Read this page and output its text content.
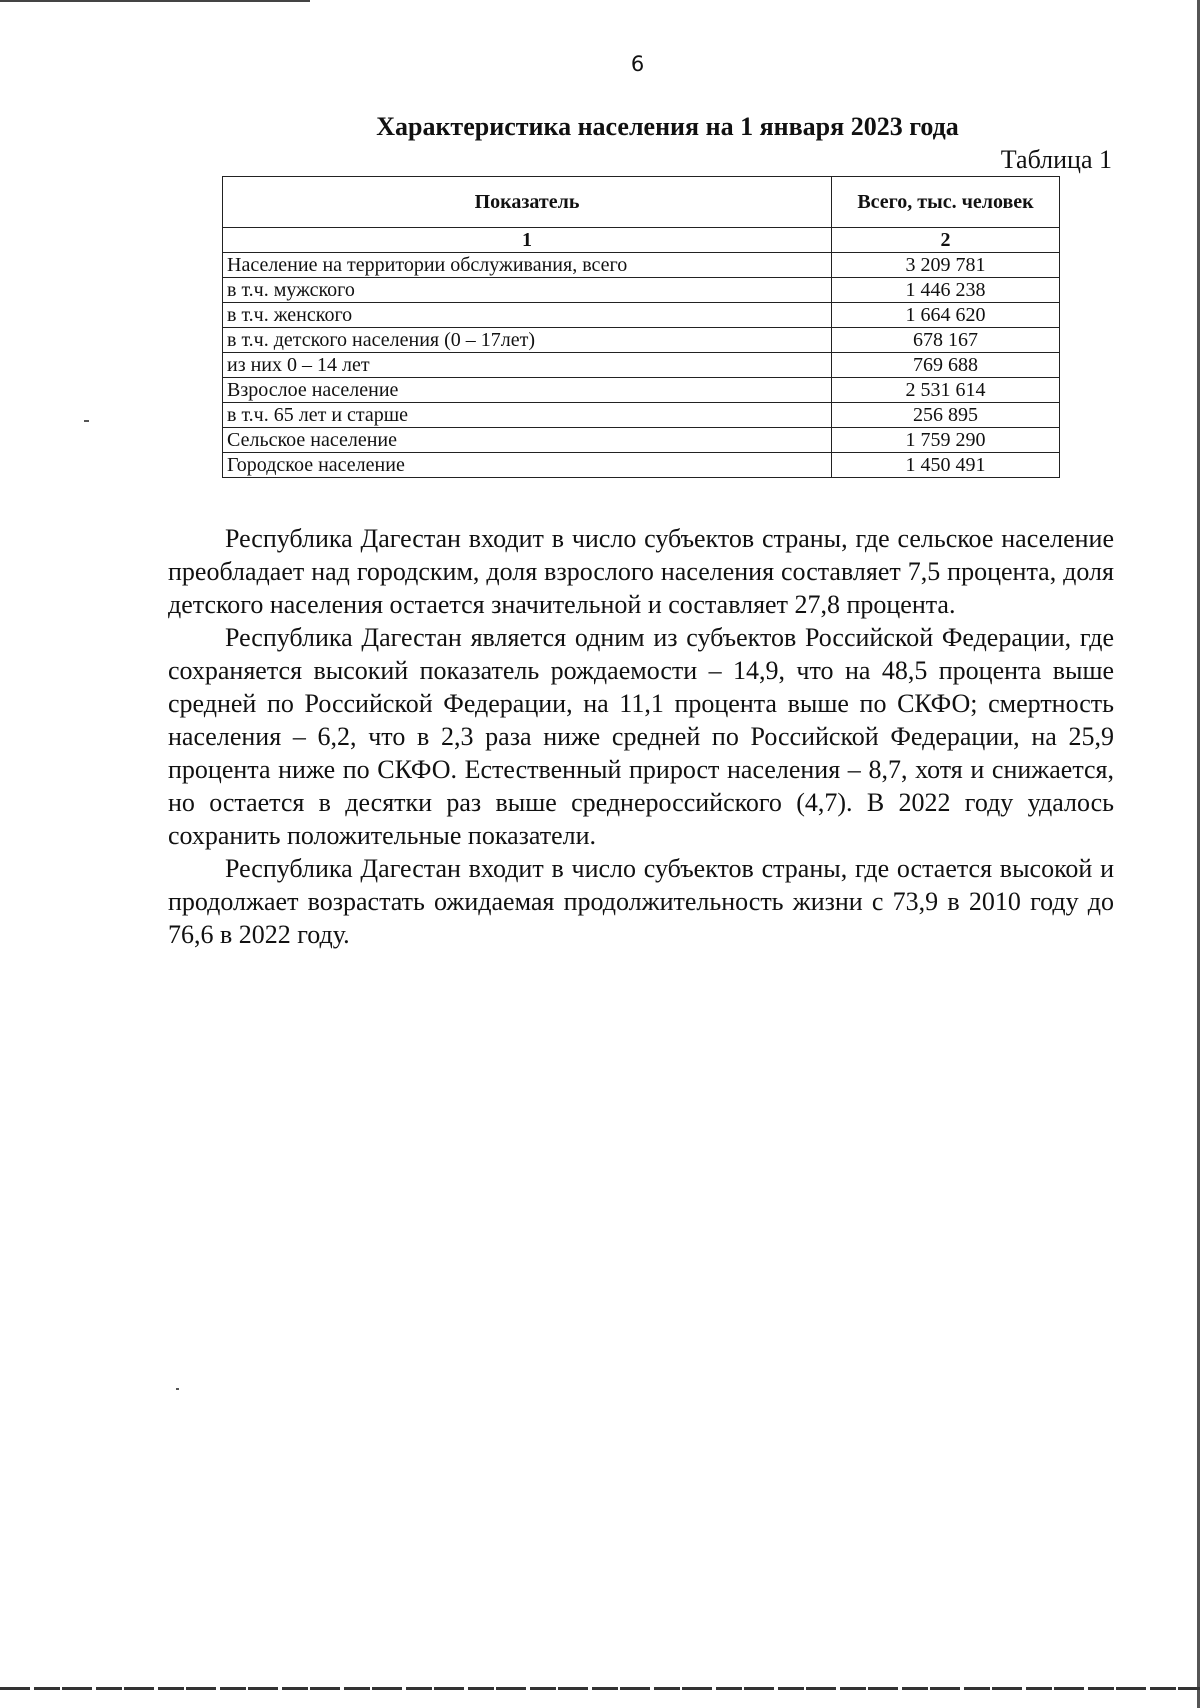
6
Характеристика населения на 1 января 2023 года
Таблица 1
Показатель	Всего, тыс. человек
1	2
Население на территории обслуживания, всего	3 209 781
в т.ч. мужского	1 446 238
в т.ч. женского	1 664 620
в т.ч. детского населения (0 – 17лет)	678 167
из них 0 – 14 лет	769 688
Взрослое население	2 531 614
в т.ч. 65 лет и старше	256 895
Сельское население	1 759 290
Городское население	1 450 491

Республика Дагестан входит в число субъектов страны, где сельское население преобладает над городским, доля взрослого населения составляет 7,5 процента, доля детского населения остается значительной и составляет 27,8 процента.

Республика Дагестан является одним из субъектов Российской Федерации, где сохраняется высокий показатель рождаемости – 14,9, что на 48,5 процента выше средней по Российской Федерации, на 11,1 процента выше по СКФО; смертность населения – 6,2, что в 2,3 раза ниже средней по Российской Федерации, на 25,9 процента ниже по СКФО. Естественный прирост населения – 8,7, хотя и снижается, но остается в десятки раз выше среднероссийского (4,7). В 2022 году удалось сохранить положительные показатели.

Республика Дагестан входит в число субъектов страны, где остается высокой и продолжает возрастать ожидаемая продолжительность жизни с 73,9 в 2010 году до 76,6 в 2022 году.
